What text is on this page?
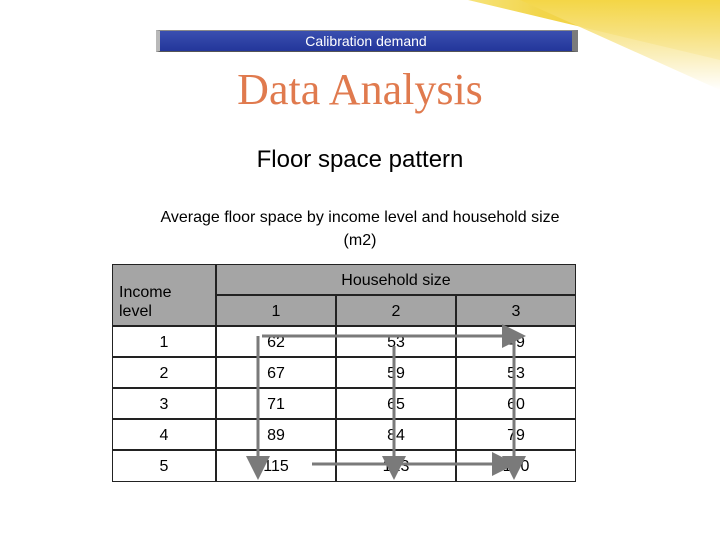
Calibration demand
Data Analysis
Floor space pattern
Average floor space by income level and household size
(m2)
Income
level
Household size
1	2	3
1	62	53	49
2	67	59	53
3	71	65	60
4	89	84	79
5	115	123	150
